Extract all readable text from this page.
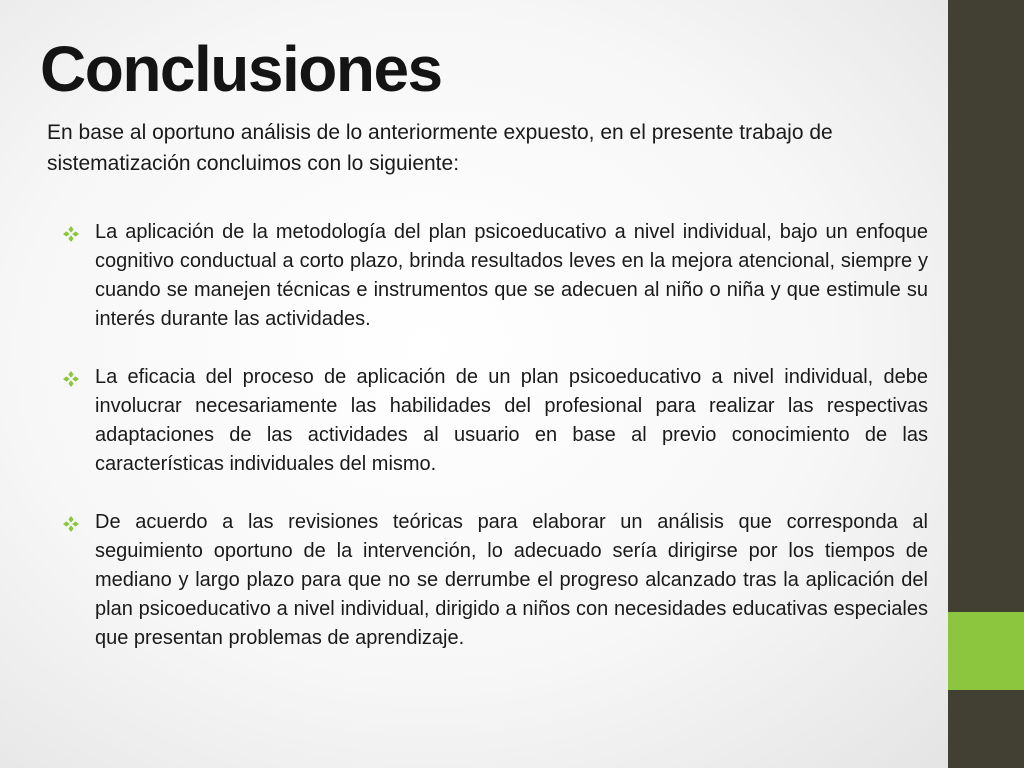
Conclusiones

En base al oportuno análisis de lo anteriormente expuesto, en el presente trabajo de sistematización concluimos con lo siguiente:

La aplicación de la metodología del plan psicoeducativo a nivel individual, bajo un enfoque cognitivo conductual a corto plazo, brinda resultados leves en la mejora atencional, siempre y cuando se manejen técnicas e instrumentos que se adecuen al niño o niña y que estimule su interés durante las actividades.
La eficacia del proceso de aplicación de un plan psicoeducativo a nivel individual, debe involucrar necesariamente las habilidades del profesional para realizar las respectivas adaptaciones de las actividades al usuario en base al previo conocimiento de las características individuales del mismo.
De acuerdo a las revisiones teóricas para elaborar un análisis que corresponda al seguimiento oportuno de la intervención, lo adecuado sería dirigirse por los tiempos de mediano y largo plazo para que no se derrumbe el progreso alcanzado tras la aplicación del plan psicoeducativo a nivel individual, dirigido a niños con necesidades educativas especiales que presentan problemas de aprendizaje.
